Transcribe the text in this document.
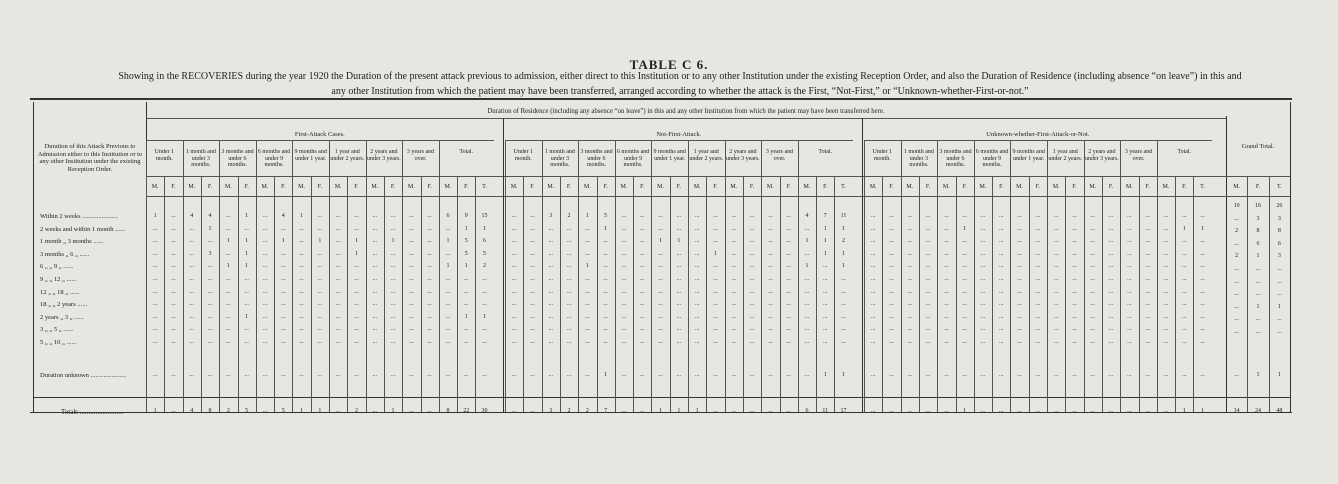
TABLE C 6.
Showing in the RECOVERIES during the year 1920 the Duration of the present attack previous to admission, either direct to this Institution or to any other Institution under the existing Reception Order, and also the Duration of Residence (including absence “on leave”) in this and
any other Institution from which the patient may have been transferred, arranged according to whether the attack is the First, “Not-First,” or “Unknown-whether-First-or-not.”
Duration of Residence (including any absence “on leave”) in this and any other Institution from which the patient may have been transferred here.
Duration of this Attack Previous to Admission either to this Institution or to any other Institution under the existing Reception Order.
Within 2 weeks ......................
2 weeks and within 1 month ......
1 month „ 3 months ......
3 months „ 6 „ ......
6 „ „ 9 „ ......
9 „ „ 12 „ ......
12 „ „ 18 „ ......
18 „ „ 2 years ......
2 years „ 3 „ ......
3 „ „ 5 „ ......
5 „ „ 10 „ ......
Duration unknown ......................
Totals .........................
First-Attack Cases.
Under 1 month.
M.	F.
1 month and under 3 months.
M.	F.
3 months and under 6 months.
M.	F.
6 months and under 9 months.
M.	F.
9 months and under 1 year.
M.	F.
1 year and under 2 years.
M.	F.
2 years and under 3 years.
M.	F.
3 years and over.
M.	F.
Total.
M.	F.	T.
1	...	4	4	...	1	...	4	1	...	...	...	...	...	...	...	6	9	15
...	...	...	1	...	...	...	...	...	...	...	...	...	...	...	...	...	1	1
...	...	...	...	1	1	...	1	...	1	...	1	...	1	...	...	1	5	6
...	...	...	3	...	1	...	...	...	...	...	1	...	...	...	...	...	5	5
...	...	...	...	1	1	...	...	...	...	...	...	...	...	...	...	1	1	2
...	...	...	...	...	...	...	...	...	...	...	...	...	...	...	...	...	...	...
...	...	...	...	...	...	...	...	...	...	...	...	...	...	...	...	...	...	...
...	...	...	...	...	...	...	...	...	...	...	...	...	...	...	...	...	...	...
...	...	...	...	...	1	...	...	...	...	...	...	...	...	...	...	...	1	1
...	...	...	...	...	...	...	...	...	...	...	...	...	...	...	...	...	...	...
...	...	...	...	...	...	...	...	...	...	...	...	...	...	...	...	...	...	...
...	...	...	...	...	...	...	...	...	...	...	...	...	...	...	...	...	...	...
1	...	4	8	2	5	...	5	1	1	...	2	...	1	...	...	8	22	30
Not-First-Attack.
Under 1 month.
M.	F.
1 month and under 3 months.
M.	F.
3 months and under 6 months.
M.	F.
6 months and under 9 months.
M.	F.
9 months and under 1 year.
M.	F.
1 year and under 2 years.
M.	F.
2 years and under 3 years.
M.	F.
3 years and over.
M.	F.
Total.
M.	F.	T.
...	...	3	2	1	5	...	...	...	...	...	...	...	...	...	...	4	7	11
...	...	...	...	...	1	...	...	...	...	...	...	...	...	...	...	...	1	1
...	...	...	...	...	...	...	...	1	1	...	...	...	...	...	...	1	1	2
...	...	...	...	...	...	...	...	...	...	...	1	...	...	...	...	...	1	1
...	...	...	...	1	...	...	...	...	...	...	...	...	...	...	...	1	...	1
...	...	...	...	...	...	...	...	...	...	...	...	...	...	...	...	...	...	...
...	...	...	...	...	...	...	...	...	...	...	...	...	...	...	...	...	...	...
...	...	...	...	...	...	...	...	...	...	...	...	...	...	...	...	...	...	...
...	...	...	...	...	...	...	...	...	...	...	...	...	...	...	...	...	...	...
...	...	...	...	...	...	...	...	...	...	...	...	...	...	...	...	...	...	...
...	...	...	...	...	...	...	...	...	...	...	...	...	...	...	...	...	...	...
...	...	...	...	...	1	...	...	...	...	...	...	...	...	...	...	...	1	1
...	...	3	2	2	7	...	...	1	1	1	...	...	...	...	...	6	11	17
Unknown-whether-First-Attack-or-Not.
Under 1 month.
M.	F.
1 month and under 3 months.
M.	F.
3 months and under 6 months.
M.	F.
6 months and under 9 months.
M.	F.
9 months and under 1 year.
M.	F.
1 year and under 2 years.
M.	F.
2 years and under 3 years.
M.	F.
3 years and over.
M.	F.
Total.
M.	F.	T.
...	...	...	...	...	...	...	...	...	...	...	...	...	...	...	...	...	...	...
...	...	...	...	...	1	...	...	...	...	...	...	...	...	...	...	...	1	1
...	...	...	...	...	...	...	...	...	...	...	...	...	...	...	...	...	...	...
...	...	...	...	...	...	...	...	...	...	...	...	...	...	...	...	...	...	...
...	...	...	...	...	...	...	...	...	...	...	...	...	...	...	...	...	...	...
...	...	...	...	...	...	...	...	...	...	...	...	...	...	...	...	...	...	...
...	...	...	...	...	...	...	...	...	...	...	...	...	...	...	...	...	...	...
...	...	...	...	...	...	...	...	...	...	...	...	...	...	...	...	...	...	...
...	...	...	...	...	...	...	...	...	...	...	...	...	...	...	...	...	...	...
...	...	...	...	...	...	...	...	...	...	...	...	...	...	...	...	...	...	...
...	...	...	...	...	...	...	...	...	...	...	...	...	...	...	...	...	...	...
...	...	...	...	...	...	...	...	...	...	...	...	...	...	...	...	...	...	...
...	...	...	...	...	1	...	...	...	...	...	...	...	...	...	...	...	1	1
Grand Total.
M.	F.	T.
10	16	26
...	3	3
2	8	8
...	6	6
2	1	3
...	...	...
...	...	...
...	...	...
...	1	1
...	...	...
...	...	...
...	1	1
14	24	48
